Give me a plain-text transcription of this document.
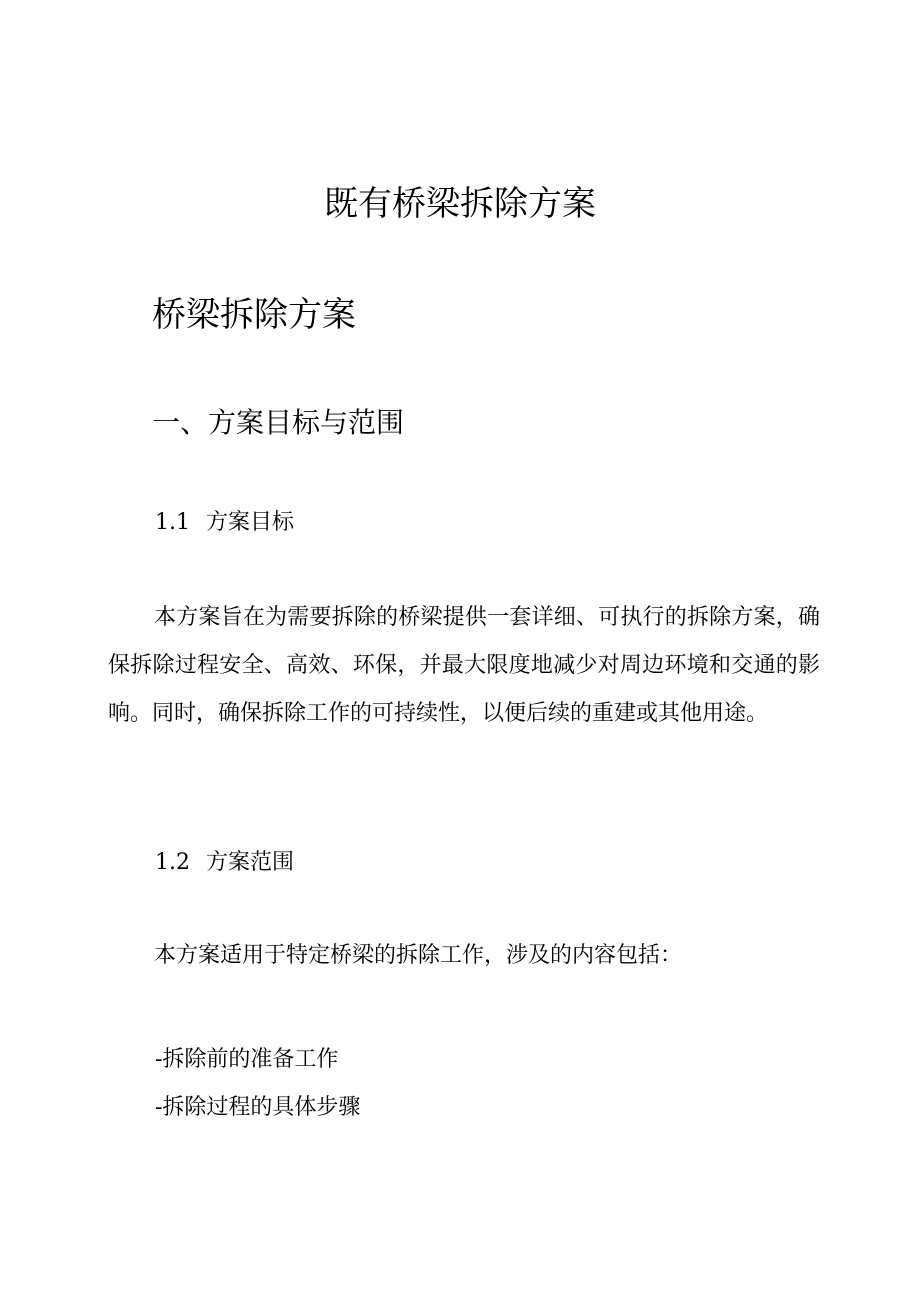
既有桥梁拆除方案
桥梁拆除方案
一、方案目标与范围
1.1 方案目标

本方案旨在为需要拆除的桥梁提供一套详细、可执行的拆除方案，确保拆除过程安全、高效、环保，并最大限度地减少对周边环境和交通的影响。同时，确保拆除工作的可持续性，以便后续的重建或其他用途。

1.2 方案范围

本方案适用于特定桥梁的拆除工作，涉及的内容包括：

-拆除前的准备工作
-拆除过程的具体步骤
